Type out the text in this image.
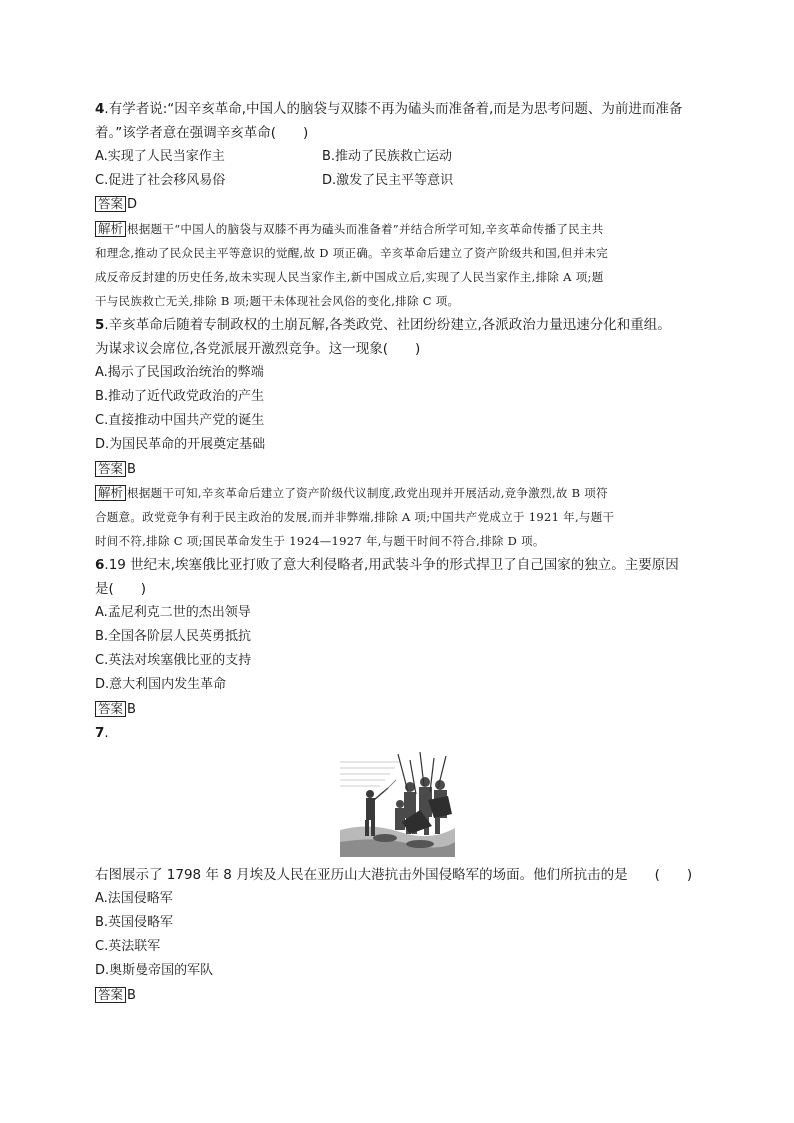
4.有学者说:“因辛亥革命,中国人的脑袋与双膝不再为磕头而准备着,而是为思考问题、为前进而准备
着。”该学者意在强调辛亥革命(　　)
A.实现了人民当家作主	B.推动了民族救亡运动
C.促进了社会移风易俗	D.激发了民主平等意识
答案 D
解析 根据题干“中国人的脑袋与双膝不再为磕头而准备着”并结合所学可知,辛亥革命传播了民主共
和理念,推动了民众民主平等意识的觉醒,故 D 项正确。辛亥革命后建立了资产阶级共和国,但并未完
成反帝反封建的历史任务,故未实现人民当家作主,新中国成立后,实现了人民当家作主,排除 A 项;题
干与民族救亡无关,排除 B 项;题干未体现社会风俗的变化,排除 C 项。
5.辛亥革命后随着专制政权的土崩瓦解,各类政党、社团纷纷建立,各派政治力量迅速分化和重组。
为谋求议会席位,各党派展开激烈竞争。这一现象(　　)
A.揭示了民国政治统治的弊端
B.推动了近代政党政治的产生
C.直接推动中国共产党的诞生
D.为国民革命的开展奠定基础
答案 B
解析 根据题干可知,辛亥革命后建立了资产阶级代议制度,政党出现并开展活动,竞争激烈,故 B 项符
合题意。政党竞争有利于民主政治的发展,而并非弊端,排除 A 项;中国共产党成立于 1921 年,与题干
时间不符,排除 C 项;国民革命发生于 1924—1927 年,与题干时间不符合,排除 D 项。
6.19 世纪末,埃塞俄比亚打败了意大利侵略者,用武装斗争的形式捍卫了自己国家的独立。主要原因
是(　　)
A.孟尼利克二世的杰出领导
B.全国各阶层人民英勇抵抗
C.英法对埃塞俄比亚的支持
D.意大利国内发生革命
答案 B
7.
右图展示了 1798 年 8 月埃及人民在亚历山大港抗击外国侵略军的场面。他们所抗击的是　　(　　)
A.法国侵略军
B.英国侵略军
C.英法联军
D.奥斯曼帝国的军队
答案 B
